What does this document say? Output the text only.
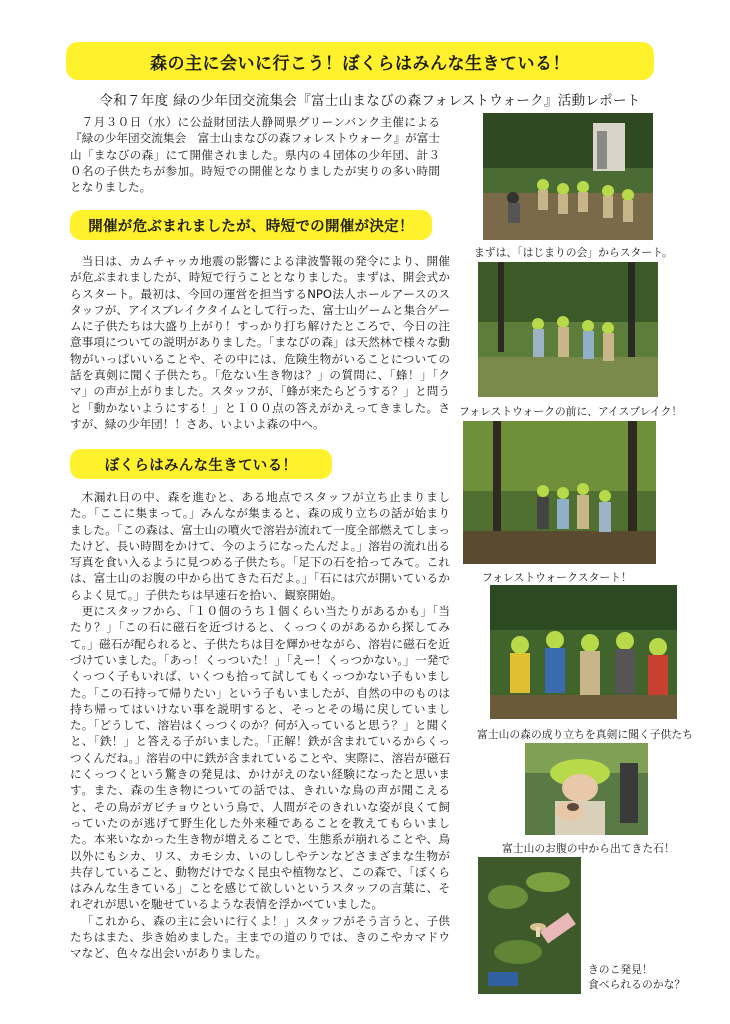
森の主に会いに行こう！ぼくらはみんな生きている！
令和７年度 緑の少年団交流集会『富士山まなびの森フォレストウォーク』活動レポート

７月３０日（水）に公益財団法人静岡県グリーンバンク主催による『緑の少年団交流集会　富士山まなびの森フォレストウォーク』が富士山「まなびの森」にて開催されました。県内の４団体の少年団、計３０名の子供たちが参加。時短での開催となりましたが実りの多い時間となりました。

開催が危ぶまれましたが、時短での開催が決定！

当日は、カムチャッカ地震の影響による津波警報の発令により、開催が危ぶまれましたが、時短で行うこととなりました。まずは、開会式からスタート。最初は、今回の運営を担当するNPO法人ホールアースのスタッフが、アイスブレイクタイムとして行った、富士山ゲームと集合ゲームに子供たちは大盛り上がり！すっかり打ち解けたところで、今日の注意事項についての説明がありました。「まなびの森」は天然林で様々な動物がいっぱいいることや、その中には、危険生物がいることについての話を真剣に聞く子供たち。「危ない生き物は？」の質問に、「蜂！」「クマ」の声が上がりました。スタッフが、「蜂が来たらどうする？」と問うと「動かないようにする！」と１００点の答えがかえってきました。さすが、緑の少年団！！さあ、いよいよ森の中へ。

ぼくらはみんな生きている！

木漏れ日の中、森を進むと、ある地点でスタッフが立ち止まりました。「ここに集まって。」みんなが集まると、森の成り立ちの話が始まりました。「この森は、富士山の噴火で溶岩が流れて一度全部燃えてしまったけど、長い時間をかけて、今のようになったんだよ。」溶岩の流れ出る写真を食い入るように見つめる子供たち。「足下の石を拾ってみて。これは、富士山のお腹の中から出てきた石だよ。」「石には穴が開いているからよく見て。」子供たちは早速石を拾い、観察開始。

更にスタッフから、「１０個のうち１個くらい当たりがあるかも」「当たり？」「この石に磁石を近づけると、くっつくのがあるから探してみて。」磁石が配られると、子供たちは目を輝かせながら、溶岩に磁石を近づけていました。「あっ！くっついた！」「えー！くっつかない。」一発でくっつく子もいれば、いくつも拾って試してもくっつかない子もいました。「この石持って帰りたい」という子もいましたが、自然の中のものは持ち帰ってはいけない事を説明すると、そっとその場に戻していました。「どうして、溶岩はくっつくのか？何が入っていると思う？」と聞くと、「鉄！」と答える子がいました。「正解！鉄が含まれているからくっつくんだね。」溶岩の中に鉄が含まれていることや、実際に、溶岩が磁石にくっつくという驚きの発見は、かけがえのない経験になったと思います。また、森の生き物についての話では、きれいな鳥の声が聞こえると、その鳥がガビチョウという鳥で、人間がそのきれいな姿が良くて飼っていたのが逃げて野生化した外来種であることを教えてもらいました。本来いなかった生き物が増えることで、生態系が崩れることや、鳥以外にもシカ、リス、カモシカ、いのししやテンなどさまざまな生物が共存していること、動物だけでなく昆虫や植物など、この森で、「ぼくらはみんな生きている」ことを感じて欲しいというスタッフの言葉に、それぞれが思いを馳せているような表情を浮かべていました。

「これから、森の主に会いに行くよ！」スタッフがそう言うと、子供たちはまた、歩き始めました。主までの道のりでは、きのこやカマドウマなど、色々な出会いがありました。

まずは、「はじまりの会」からスタート。
フォレストウォークの前に、アイスブレイク！
フォレストウォークスタート！
富士山の森の成り立ちを真剣に聞く子供たち
富士山のお腹の中から出てきた石！
きのこ発見！
食べられるのかな？
